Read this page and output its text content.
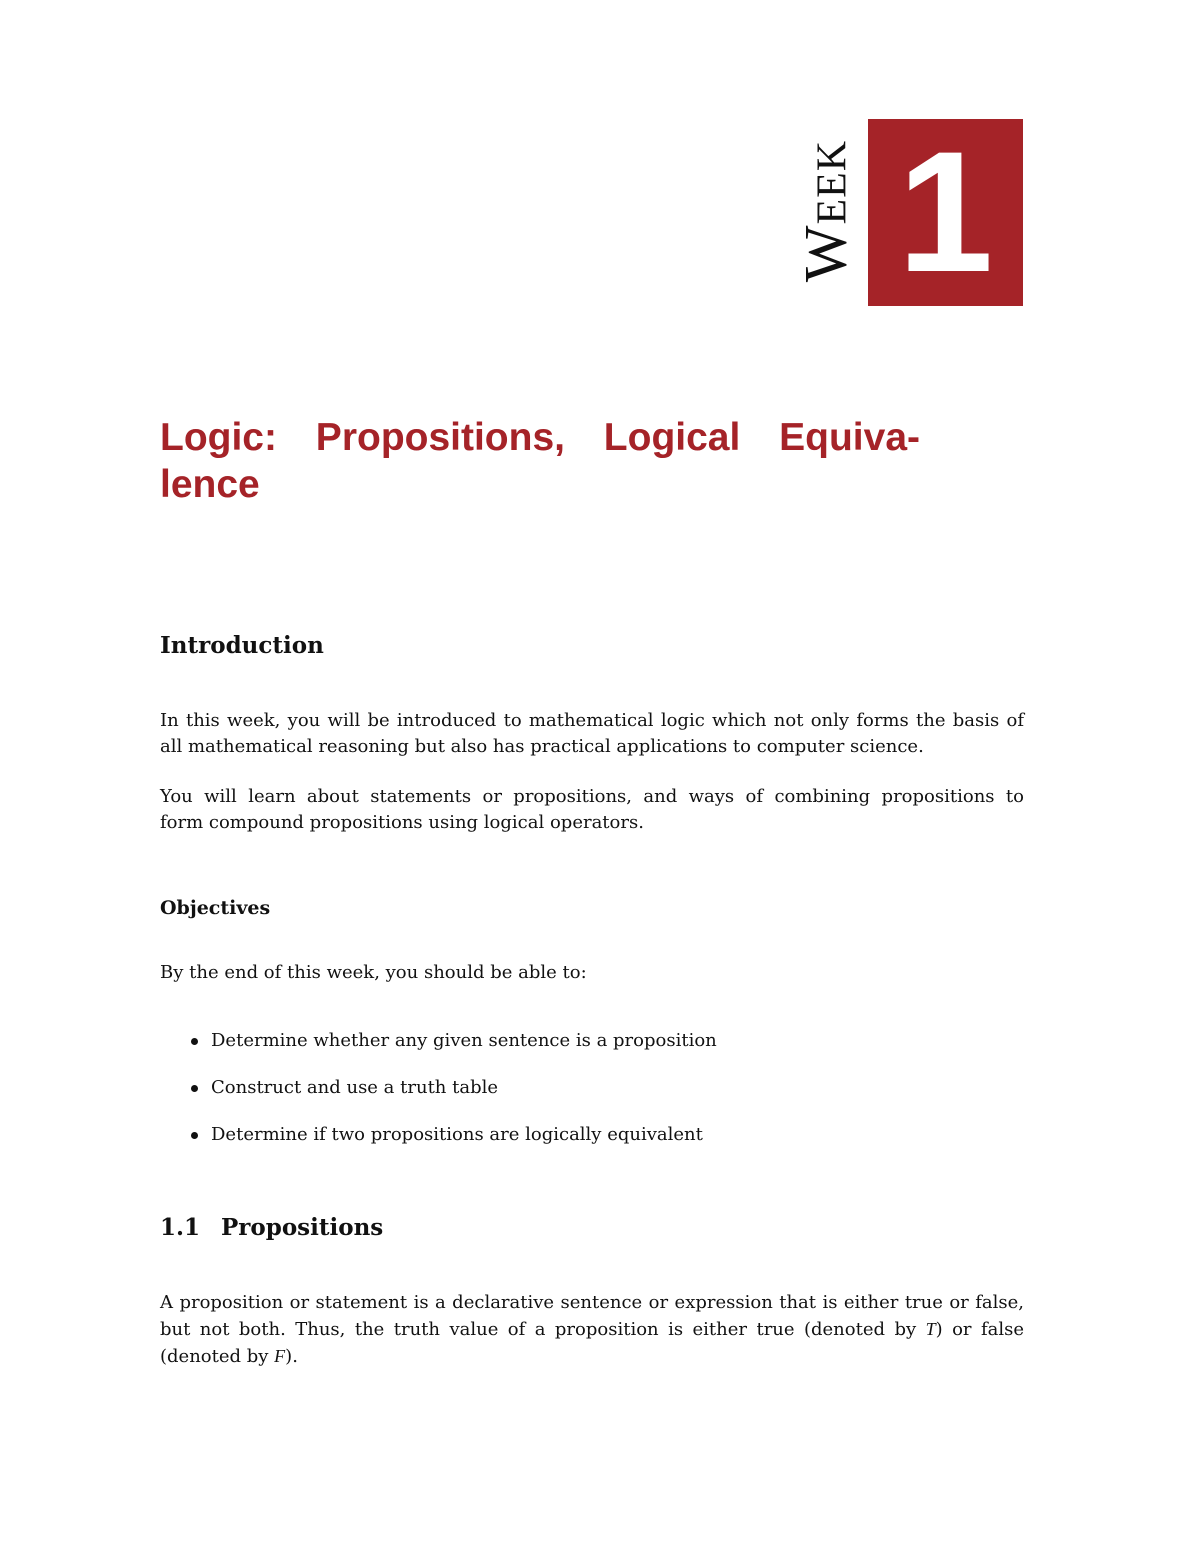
Week 1
Logic: Propositions, Logical Equiva-
lence
Introduction

In this week, you will be introduced to mathematical logic which not only forms the basis of
all mathematical reasoning but also has practical applications to computer science.

You will learn about statements or propositions, and ways of combining propositions to
form compound propositions using logical operators.

Objectives

By the end of this week, you should be able to:

Determine whether any given sentence is a proposition
Construct and use a truth table
Determine if two propositions are logically equivalent
1.1 Propositions

A proposition or statement is a declarative sentence or expression that is either true or false,
but not both. Thus, the truth value of a proposition is either true (denoted by T) or false
(denoted by F).
